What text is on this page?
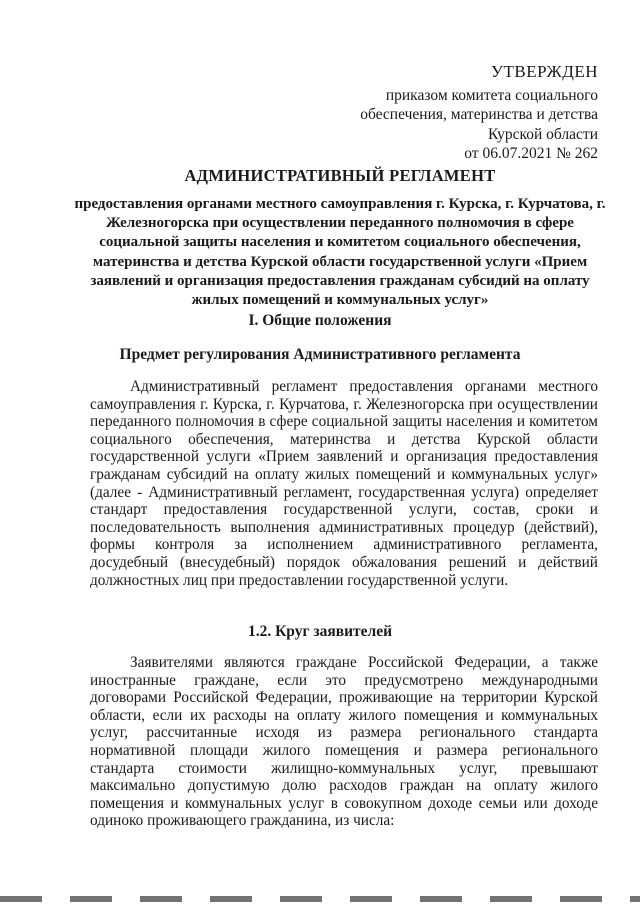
УТВЕРЖДЕН
приказом комитета социального
обеспечения, материнства и детства
Курской области
от 06.07.2021 № 262
АДМИНИСТРАТИВНЫЙ РЕГЛАМЕНТ
предоставления органами местного самоуправления г. Курска, г. Курчатова, г. Железногорска при осуществлении переданного полномочия в сфере социальной защиты населения и комитетом социального обеспечения, материнства и детства Курской области государственной услуги «Прием заявлений и организация предоставления гражданам субсидий на оплату жилых помещений и коммунальных услуг»
I. Общие положения
Предмет регулирования Административного регламента
Административный регламент предоставления органами местного самоуправления г. Курска, г. Курчатова, г. Железногорска при осуществлении переданного полномочия в сфере социальной защиты населения и комитетом социального обеспечения, материнства и детства Курской области государственной услуги «Прием заявлений и организация предоставления гражданам субсидий на оплату жилых помещений и коммунальных услуг» (далее - Административный регламент, государственная услуга) определяет стандарт предоставления государственной услуги, состав, сроки и последовательность выполнения административных процедур (действий), формы контроля за исполнением административного регламента, досудебный (внесудебный) порядок обжалования решений и действий должностных лиц при предоставлении государственной услуги.
1.2. Круг заявителей
Заявителями являются граждане Российской Федерации, а также иностранные граждане, если это предусмотрено международными договорами Российской Федерации, проживающие на территории Курской области, если их расходы на оплату жилого помещения и коммунальных услуг, рассчитанные исходя из размера регионального стандарта нормативной площади жилого помещения и размера регионального стандарта стоимости жилищно-коммунальных услуг, превышают максимально допустимую долю расходов граждан на оплату жилого помещения и коммунальных услуг в совокупном доходе семьи или доходе одиноко проживающего гражданина, из числа:
